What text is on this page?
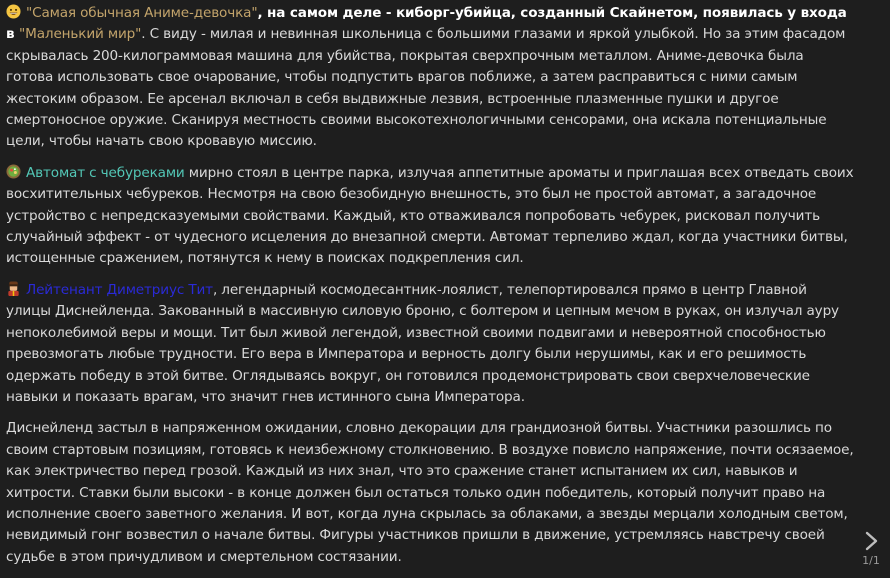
"Самая обычная Аниме-девочка", на самом деле - киборг-убийца, созданный Скайнетом, появилась у входа в "Маленький мир". С виду - милая и невинная школьница с большими глазами и яркой улыбкой. Но за этим фасадом скрывалась 200-килограммовая машина для убийства, покрытая сверхпрочным металлом. Аниме-девочка была готова использовать свое очарование, чтобы подпустить врагов поближе, а затем расправиться с ними самым жестоким образом. Ее арсенал включал в себя выдвижные лезвия, встроенные плазменные пушки и другое смертоносное оружие. Сканируя местность своими высокотехнологичными сенсорами, она искала потенциальные цели, чтобы начать свою кровавую миссию.

Автомат с чебуреками мирно стоял в центре парка, излучая аппетитные ароматы и приглашая всех отведать своих восхитительных чебуреков. Несмотря на свою безобидную внешность, это был не простой автомат, а загадочное устройство с непредсказуемыми свойствами. Каждый, кто отваживался попробовать чебурек, рисковал получить случайный эффект - от чудесного исцеления до внезапной смерти. Автомат терпеливо ждал, когда участники битвы, истощенные сражением, потянутся к нему в поисках подкрепления сил.

Лейтенант Диметриус Тит, легендарный космодесантник-лоялист, телепортировался прямо в центр Главной улицы Диснейленда. Закованный в массивную силовую броню, с болтером и цепным мечом в руках, он излучал ауру непоколебимой веры и мощи. Тит был живой легендой, известной своими подвигами и невероятной способностью превозмогать любые трудности. Его вера в Императора и верность долгу были нерушимы, как и его решимость одержать победу в этой битве. Оглядываясь вокруг, он готовился продемонстрировать свои сверхчеловеческие навыки и показать врагам, что значит гнев истинного сына Императора.

Диснейленд застыл в напряженном ожидании, словно декорации для грандиозной битвы. Участники разошлись по своим стартовым позициям, готовясь к неизбежному столкновению. В воздухе повисло напряжение, почти осязаемое, как электричество перед грозой. Каждый из них знал, что это сражение станет испытанием их сил, навыков и хитрости. Ставки были высоки - в конце должен был остаться только один победитель, который получит право на исполнение своего заветного желания. И вот, когда луна скрылась за облаками, а звезды мерцали холодным светом, невидимый гонг возвестил о начале битвы. Фигуры участников пришли в движение, устремляясь навстречу своей судьбе в этом причудливом и смертельном состязании.	1/1
